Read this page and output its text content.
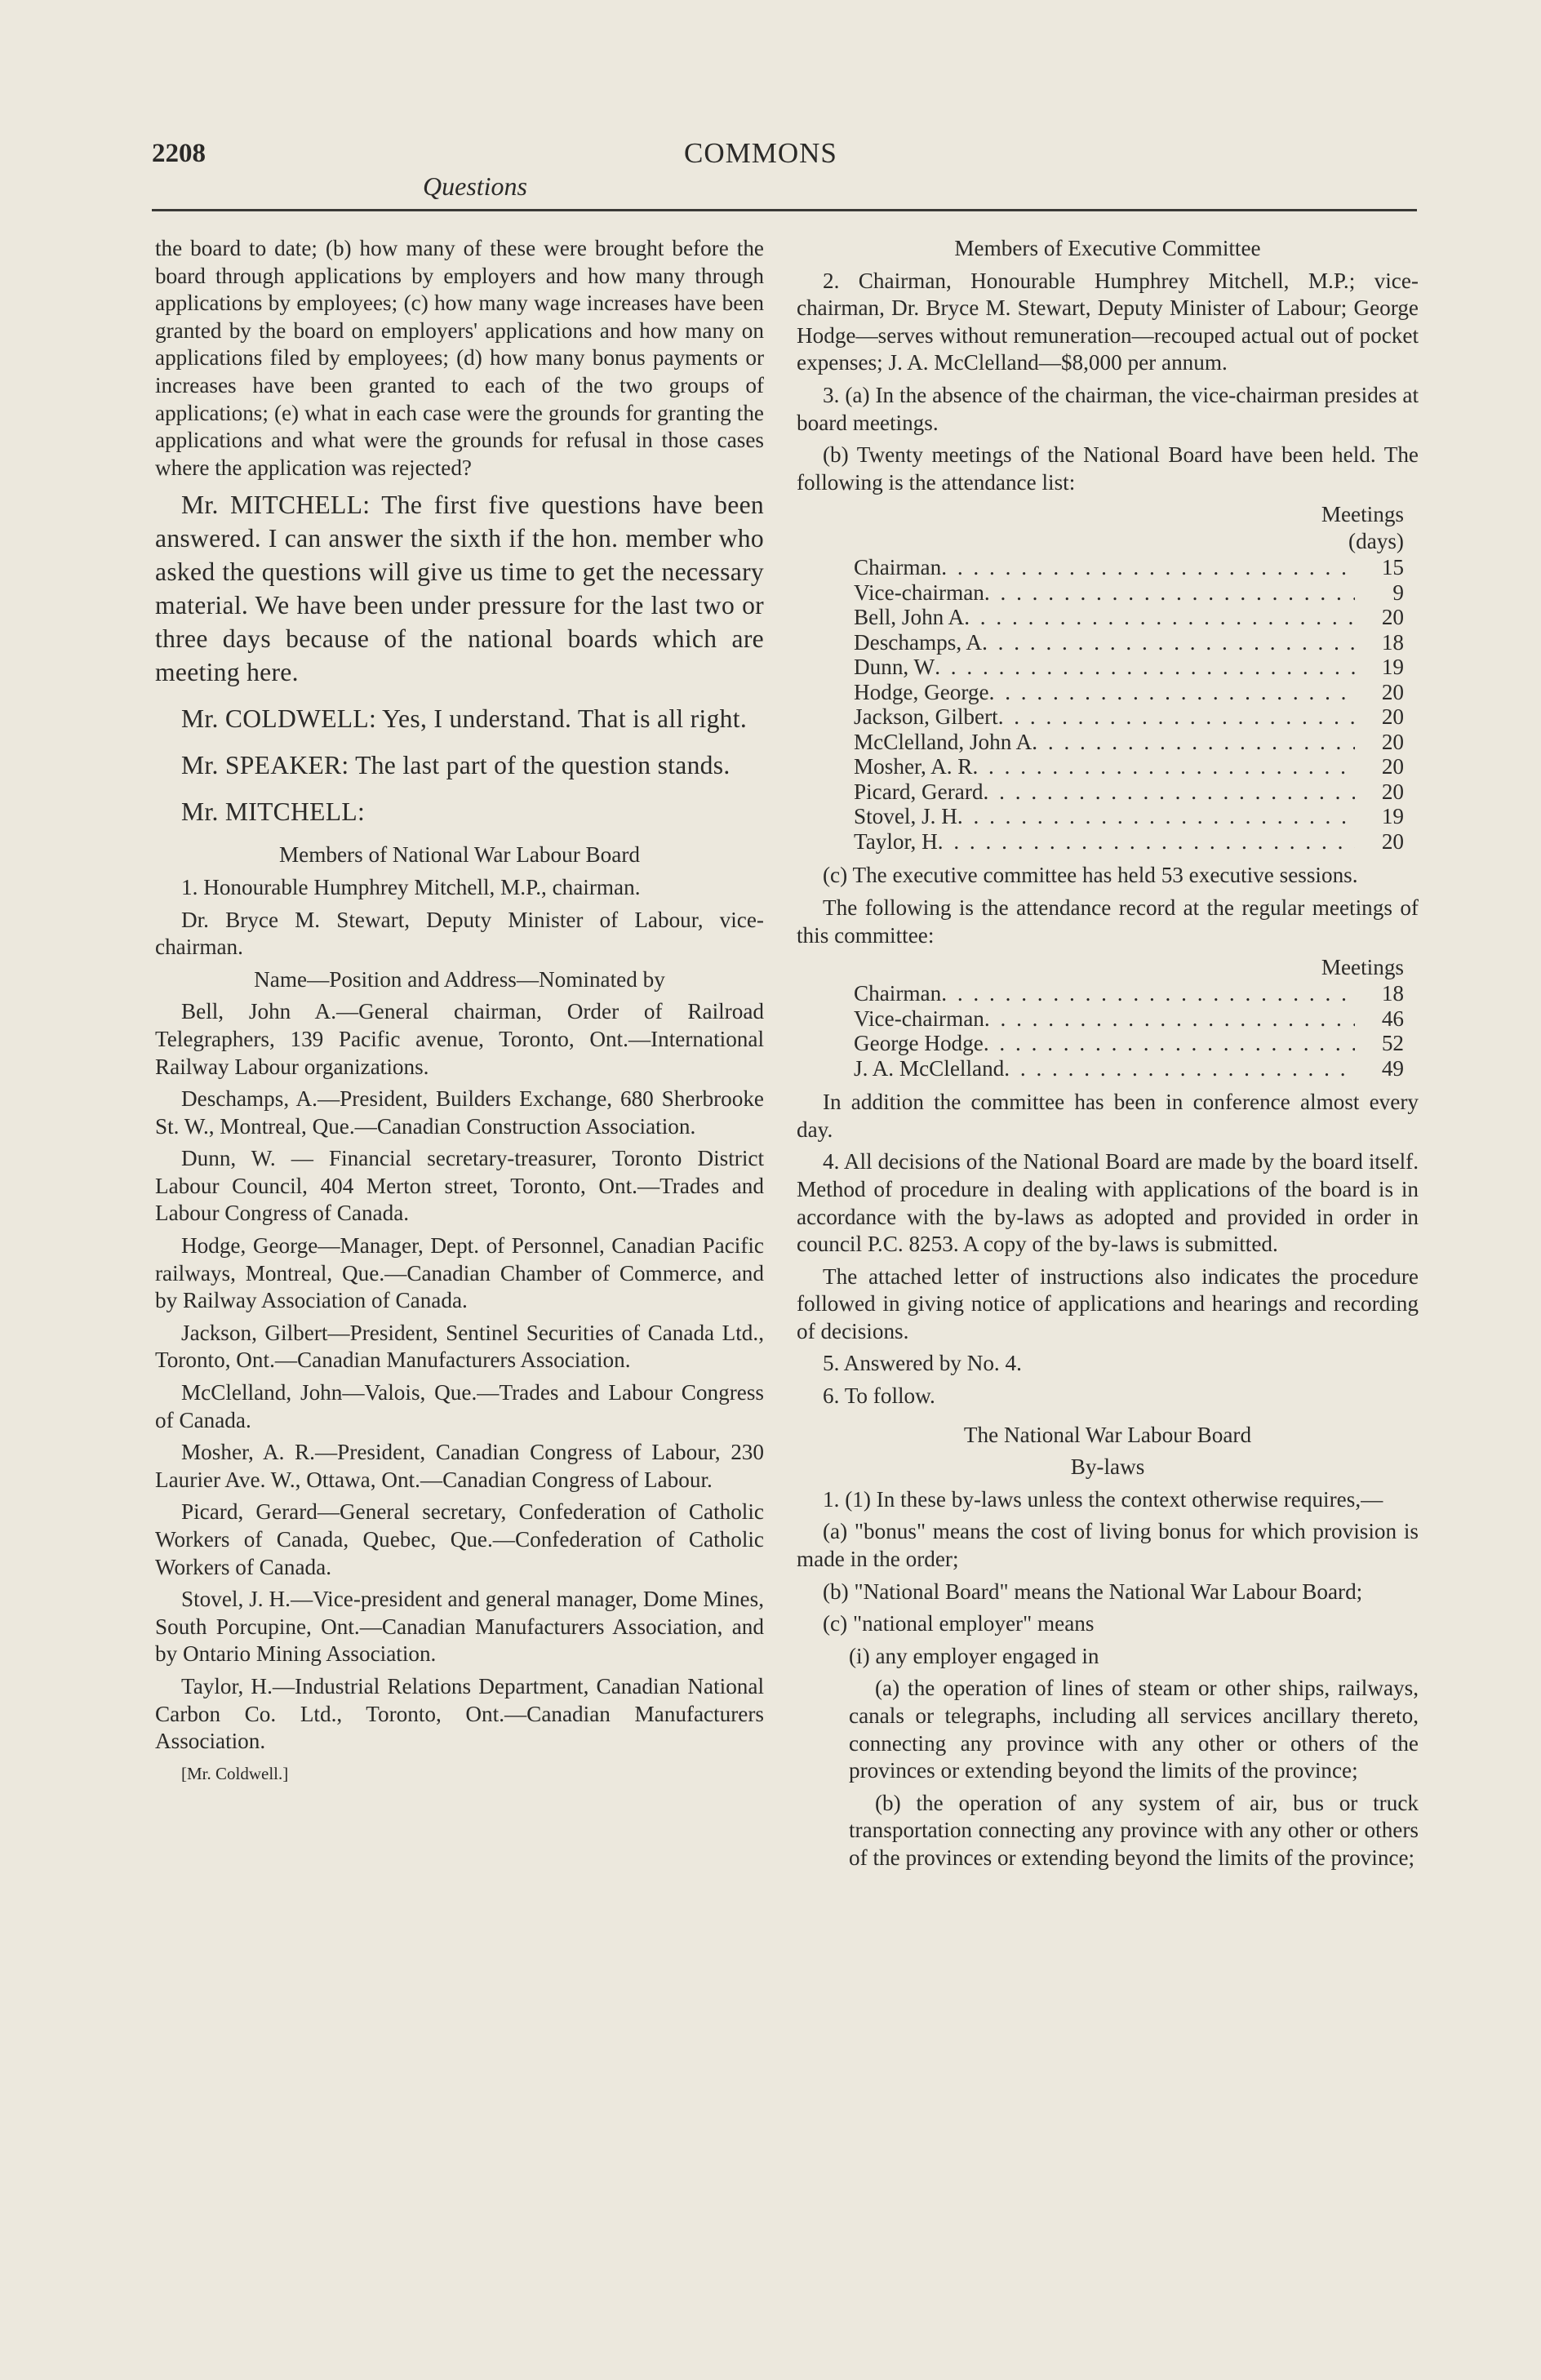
2208	COMMONS
Questions

the board to date; (b) how many of these were brought before the board through applications by employers and how many through applications by employees; (c) how many wage increases have been granted by the board on employers' applications and how many on applications filed by employees; (d) how many bonus payments or increases have been granted to each of the two groups of applications; (e) what in each case were the grounds for granting the applications and what were the grounds for refusal in those cases where the application was rejected?

Mr. MITCHELL: The first five questions have been answered. I can answer the sixth if the hon. member who asked the questions will give us time to get the necessary material. We have been under pressure for the last two or three days because of the national boards which are meeting here.

Mr. COLDWELL: Yes, I understand. That is all right.

Mr. SPEAKER: The last part of the question stands.

Mr. MITCHELL:

Members of National War Labour Board

1. Honourable Humphrey Mitchell, M.P., chairman.

Dr. Bryce M. Stewart, Deputy Minister of Labour, vice-chairman.

Name—Position and Address—Nominated by

Bell, John A.—General chairman, Order of Railroad Telegraphers, 139 Pacific avenue, Toronto, Ont.—International Railway Labour organizations.

Deschamps, A.—President, Builders Exchange, 680 Sherbrooke St. W., Montreal, Que.—Canadian Construction Association.

Dunn, W. — Financial secretary-treasurer, Toronto District Labour Council, 404 Merton street, Toronto, Ont.—Trades and Labour Congress of Canada.

Hodge, George—Manager, Dept. of Personnel, Canadian Pacific railways, Montreal, Que.—Canadian Chamber of Commerce, and by Railway Association of Canada.

Jackson, Gilbert—President, Sentinel Securities of Canada Ltd., Toronto, Ont.—Canadian Manufacturers Association.

McClelland, John—Valois, Que.—Trades and Labour Congress of Canada.

Mosher, A. R.—President, Canadian Congress of Labour, 230 Laurier Ave. W., Ottawa, Ont.—Canadian Congress of Labour.

Picard, Gerard—General secretary, Confederation of Catholic Workers of Canada, Quebec, Que.—Confederation of Catholic Workers of Canada.

Stovel, J. H.—Vice-president and general manager, Dome Mines, South Porcupine, Ont.—Canadian Manufacturers Association, and by Ontario Mining Association.

Taylor, H.—Industrial Relations Department, Canadian National Carbon Co. Ltd., Toronto, Ont.—Canadian Manufacturers Association.

[Mr. Coldwell.]

Members of Executive Committee

2. Chairman, Honourable Humphrey Mitchell, M.P.; vice-chairman, Dr. Bryce M. Stewart, Deputy Minister of Labour; George Hodge—serves without remuneration—recouped actual out of pocket expenses; J. A. McClelland—$8,000 per annum.

3. (a) In the absence of the chairman, the vice-chairman presides at board meetings.

(b) Twenty meetings of the National Board have been held. The following is the attendance list:

Meetings
(days)
Chairman . . .	15
Vice-chairman . . .	9
Bell, John A . . .	20
Deschamps, A . . .	18
Dunn, W . . .	19
Hodge, George . . .	20
Jackson, Gilbert . . .	20
McClelland, John A . . .	20
Mosher, A. R . . .	20
Picard, Gerard . . .	20
Stovel, J. H . . .	19
Taylor, H . . .	20

(c) The executive committee has held 53 executive sessions.

The following is the attendance record at the regular meetings of this committee:

Meetings
Chairman . . .	18
Vice-chairman . . .	46
George Hodge . . .	52
J. A. McClelland . . .	49

In addition the committee has been in conference almost every day.

4. All decisions of the National Board are made by the board itself. Method of procedure in dealing with applications of the board is in accordance with the by-laws as adopted and provided in order in council P.C. 8253. A copy of the by-laws is submitted.

The attached letter of instructions also indicates the procedure followed in giving notice of applications and hearings and recording of decisions.

5. Answered by No. 4.

6. To follow.

The National War Labour Board

By-laws

1. (1) In these by-laws unless the context otherwise requires,—

(a) "bonus" means the cost of living bonus for which provision is made in the order;

(b) "National Board" means the National War Labour Board;

(c) "national employer" means

(i) any employer engaged in

(a) the operation of lines of steam or other ships, railways, canals or telegraphs, including all services ancillary thereto, connecting any province with any other or others of the provinces or extending beyond the limits of the province;

(b) the operation of any system of air, bus or truck transportation connecting any province with any other or others of the provinces or extending beyond the limits of the province;
